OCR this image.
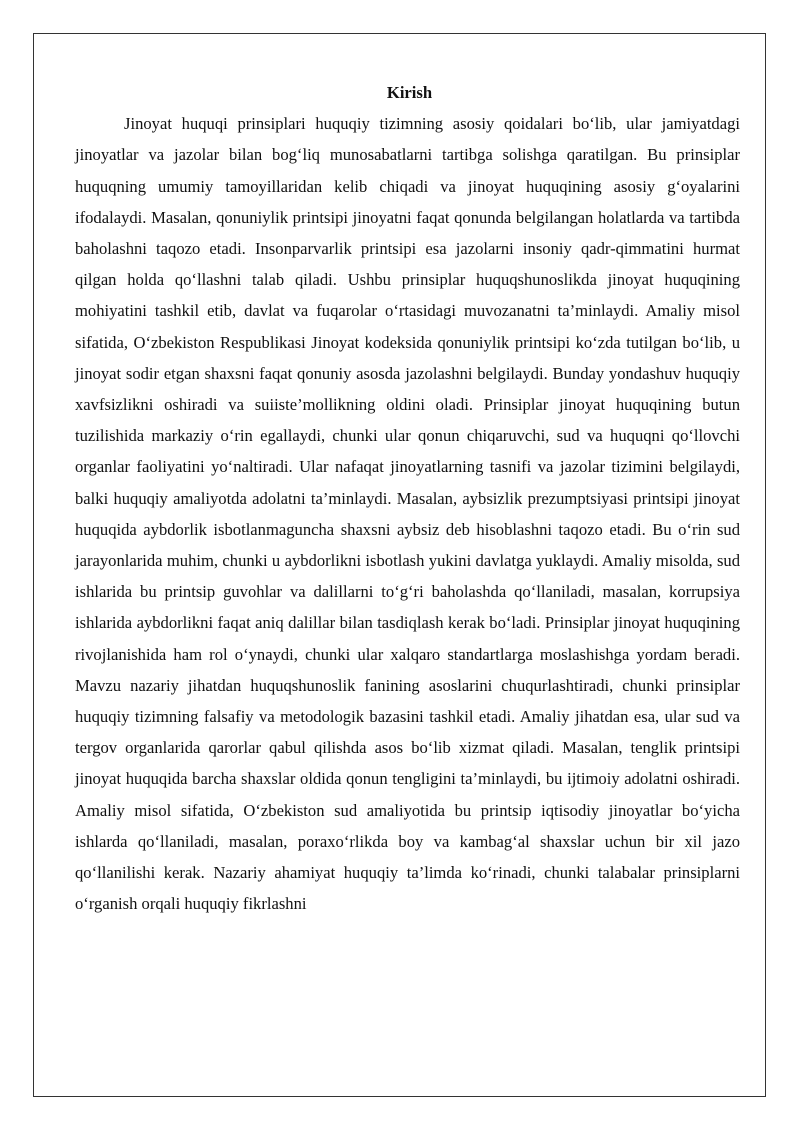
Kirish

Jinoyat huquqi prinsiplari huquqiy tizimning asosiy qoidalari bo‘lib, ular jamiyatdagi jinoyatlar va jazolar bilan bog‘liq munosabatlarni tartibga solishga qaratilgan. Bu prinsiplar huquqning umumiy tamoyillaridan kelib chiqadi va jinoyat huquqining asosiy g‘oyalarini ifodalaydi. Masalan, qonuniylik printsipi jinoyatni faqat qonunda belgilangan holatlarda va tartibda baholashni taqozo etadi. Insonparvarlik printsipi esa jazolarni insoniy qadr-qimmatini hurmat qilgan holda qo‘llashni talab qiladi. Ushbu prinsiplar huquqshunoslikda jinoyat huquqining mohiyatini tashkil etib, davlat va fuqarolar o‘rtasidagi muvozanatni ta’minlaydi. Amaliy misol sifatida, O‘zbekiston Respublikasi Jinoyat kodeksida qonuniylik printsipi ko‘zda tutilgan bo‘lib, u jinoyat sodir etgan shaxsni faqat qonuniy asosda jazolashni belgilaydi. Bunday yondashuv huquqiy xavfsizlikni oshiradi va suiiste’mollikning oldini oladi. Prinsiplar jinoyat huquqining butun tuzilishida markaziy o‘rin egallaydi, chunki ular qonun chiqaruvchi, sud va huquqni qo‘llovchi organlar faoliyatini yo‘naltiradi. Ular nafaqat jinoyatlarning tasnifi va jazolar tizimini belgilaydi, balki huquqiy amaliyotda adolatni ta’minlaydi. Masalan, aybsizlik prezumptsiyasi printsipi jinoyat huquqida aybdorlik isbotlanmaguncha shaxsni aybsiz deb hisoblashni taqozo etadi. Bu o‘rin sud jarayonlarida muhim, chunki u aybdorlikni isbotlash yukini davlatga yuklaydi. Amaliy misolda, sud ishlarida bu printsip guvohlar va dalillarni to‘g‘ri baholashda qo‘llaniladi, masalan, korrupsiya ishlarida aybdorlikni faqat aniq dalillar bilan tasdiqlash kerak bo‘ladi. Prinsiplar jinoyat huquqining rivojlanishida ham rol o‘ynaydi, chunki ular xalqaro standartlarga moslashishga yordam beradi. Mavzu nazariy jihatdan huquqshunoslik fanining asoslarini chuqurlashtiradi, chunki prinsiplar huquqiy tizimning falsafiy va metodologik bazasini tashkil etadi. Amaliy jihatdan esa, ular sud va tergov organlarida qarorlar qabul qilishda asos bo‘lib xizmat qiladi. Masalan, tenglik printsipi jinoyat huquqida barcha shaxslar oldida qonun tengligini ta’minlaydi, bu ijtimoiy adolatni oshiradi. Amaliy misol sifatida, O‘zbekiston sud amaliyotida bu printsip iqtisodiy jinoyatlar bo‘yicha ishlarda qo‘llaniladi, masalan, poraxo‘rlikda boy va kambag‘al shaxslar uchun bir xil jazo qo‘llanilishi kerak. Nazariy ahamiyat huquqiy ta’limda ko‘rinadi, chunki talabalar prinsiplarni o‘rganish orqali huquqiy fikrlashni
